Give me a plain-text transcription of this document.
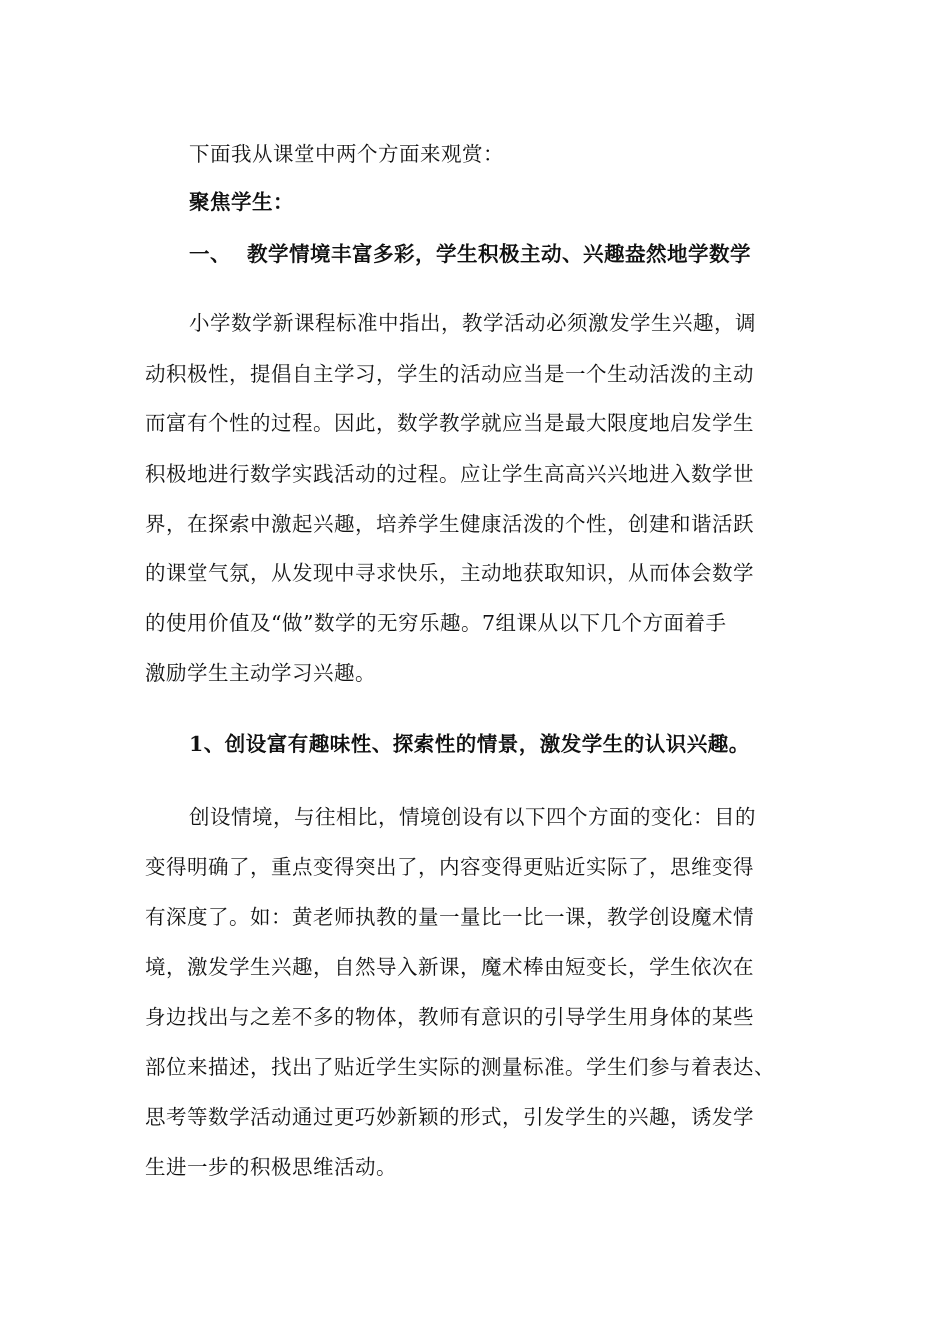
下面我从课堂中两个方面来观赏：
聚焦学生：
一、 教学情境丰富多彩，学生积极主动、兴趣盎然地学数学
小学数学新课程标准中指出，教学活动必须激发学生兴趣，调
动积极性，提倡自主学习，学生的活动应当是一个生动活泼的主动
而富有个性的过程。因此，数学教学就应当是最大限度地启发学生
积极地进行数学实践活动的过程。应让学生高高兴兴地进入数学世
界，在探索中激起兴趣，培养学生健康活泼的个性，创建和谐活跃
的课堂气氛，从发现中寻求快乐，主动地获取知识，从而体会数学
的使用价值及“做”数学的无穷乐趣。7组课从以下几个方面着手
激励学生主动学习兴趣。
1、创设富有趣味性、探索性的情景，激发学生的认识兴趣。
创设情境，与往相比，情境创设有以下四个方面的变化：目的
变得明确了，重点变得突出了，内容变得更贴近实际了，思维变得
有深度了。如：黄老师执教的量一量比一比一课，教学创设魔术情
境，激发学生兴趣，自然导入新课，魔术棒由短变长，学生依次在
身边找出与之差不多的物体，教师有意识的引导学生用身体的某些
部位来描述，找出了贴近学生实际的测量标准。学生们参与着表达、
思考等数学活动通过更巧妙新颖的形式，引发学生的兴趣，诱发学
生进一步的积极思维活动。
